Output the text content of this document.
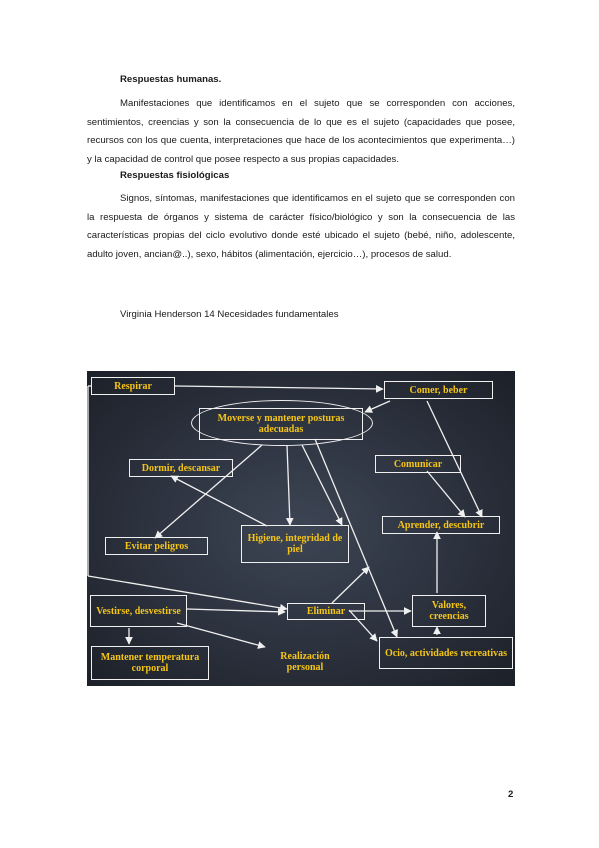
Respuestas humanas.

Manifestaciones que identificamos en el sujeto que se corresponden con acciones, sentimientos, creencias y son la consecuencia de lo que es el sujeto (capacidades que posee, recursos con los que cuenta, interpretaciones que hace de los acontecimientos que experimenta…) y la capacidad de control que posee respecto a sus propias capacidades.

Respuestas fisiológicas

Signos, síntomas, manifestaciones que identificamos en el sujeto que se corresponden con la respuesta de órganos y sistema de carácter físico/biológico y son la consecuencia de las características propias del ciclo evolutivo donde esté ubicado el sujeto (bebé, niño, adolescente, adulto joven, ancian@..), sexo, hábitos (alimentación, ejercicio…), procesos de salud.

Virginia Henderson 14 Necesidades fundamentales
Respirar	Comer, beber
Moverse y mantener posturas adecuadas
Dormir, descansar	Comunicar
Aprender, descubrir
Evitar peligros
Higiene, integridad de piel
Vestirse, desvestirse	Eliminar
Valores, creencias
Mantener temperatura corporal
Realización personal
Ocio, actividades recreativas
2
